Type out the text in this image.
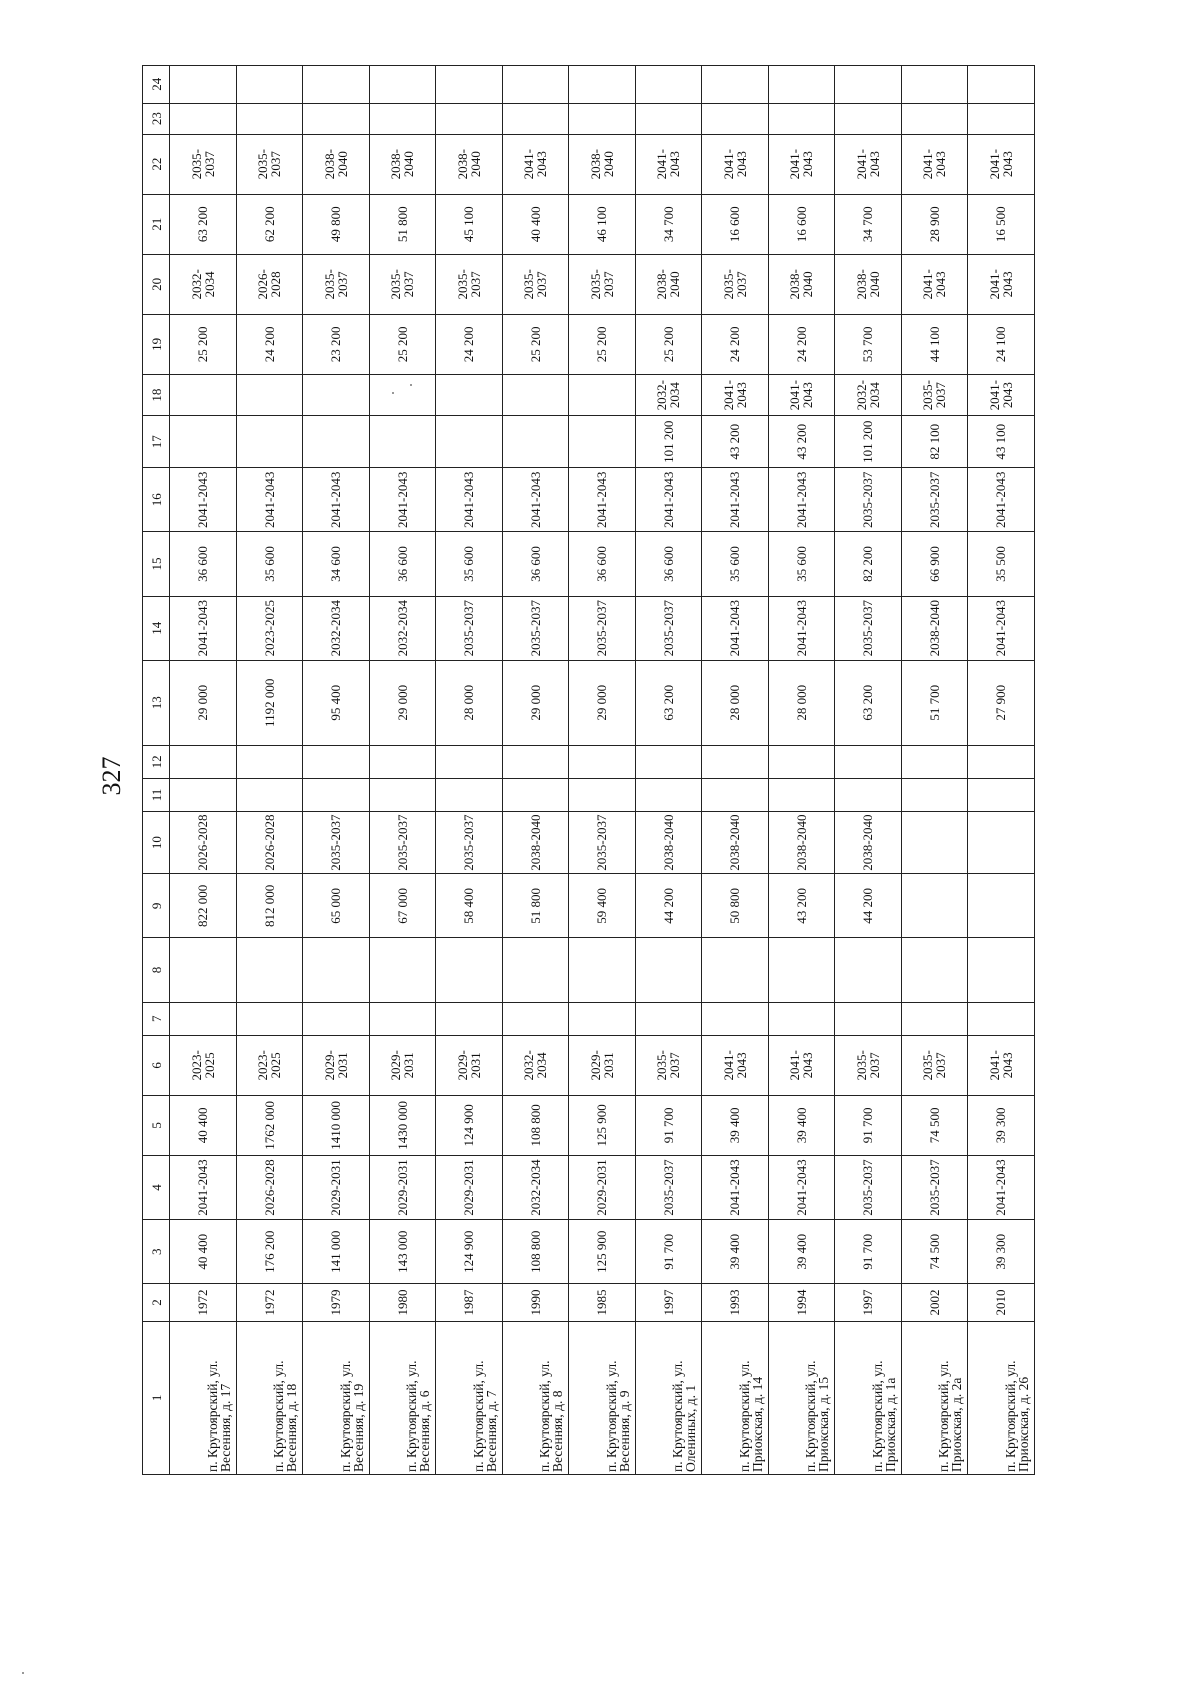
327
1	2	3	4	5	6	7	8	9	10	11	12	13	14	15	16	17	18	19	20	21	22	23	24
п. Крутоярский, ул. Весенняя, д. 17	1972	40 400	2041-2043	40 400	2023-2025			822 000	2026-2028			29 000	2041-2043	36 600	2041-2043			25 200	2032-2034	63 200	2035-2037		
п. Крутоярский, ул. Весенняя, д. 18	1972	176 200	2026-2028	1762 000	2023-2025			812 000	2026-2028			1192 000	2023-2025	35 600	2041-2043			24 200	2026-2028	62 200	2035-2037		
п. Крутоярский, ул. Весенняя, д. 19	1979	141 000	2029-2031	1410 000	2029-2031			65 000	2035-2037			95 400	2032-2034	34 600	2041-2043			23 200	2035-2037	49 800	2038-2040		
п. Крутоярский, ул. Весенняя, д. 6	1980	143 000	2029-2031	1430 000	2029-2031			67 000	2035-2037			29 000	2032-2034	36 600	2041-2043			25 200	2035-2037	51 800	2038-2040		
п. Крутоярский, ул. Весенняя, д. 7	1987	124 900	2029-2031	124 900	2029-2031			58 400	2035-2037			28 000	2035-2037	35 600	2041-2043			24 200	2035-2037	45 100	2038-2040		
п. Крутоярский, ул. Весенняя, д. 8	1990	108 800	2032-2034	108 800	2032-2034			51 800	2038-2040			29 000	2035-2037	36 600	2041-2043			25 200	2035-2037	40 400	2041-2043		
п. Крутоярский, ул. Весенняя, д. 9	1985	125 900	2029-2031	125 900	2029-2031			59 400	2035-2037			29 000	2035-2037	36 600	2041-2043			25 200	2035-2037	46 100	2038-2040		
п. Крутоярский, ул. Олениных, д. 1	1997	91 700	2035-2037	91 700	2035-2037			44 200	2038-2040			63 200	2035-2037	36 600	2041-2043	101 200	2032-2034	25 200	2038-2040	34 700	2041-2043		
п. Крутоярский, ул. Приокская, д. 14	1993	39 400	2041-2043	39 400	2041-2043			50 800	2038-2040			28 000	2041-2043	35 600	2041-2043	43 200	2041-2043	24 200	2035-2037	16 600	2041-2043		
п. Крутоярский, ул. Приокская, д. 15	1994	39 400	2041-2043	39 400	2041-2043			43 200	2038-2040			28 000	2041-2043	35 600	2041-2043	43 200	2041-2043	24 200	2038-2040	16 600	2041-2043		
п. Крутоярский, ул. Приокская, д. 1а	1997	91 700	2035-2037	91 700	2035-2037			44 200	2038-2040			63 200	2035-2037	82 200	2035-2037	101 200	2032-2034	53 700	2038-2040	34 700	2041-2043		
п. Крутоярский, ул. Приокская, д. 2а	2002	74 500	2035-2037	74 500	2035-2037							51 700	2038-2040	66 900	2035-2037	82 100	2035-2037	44 100	2041-2043	28 900	2041-2043		
п. Крутоярский, ул. Приокская, д. 26	2010	39 300	2041-2043	39 300	2041-2043							27 900	2041-2043	35 500	2041-2043	43 100	2041-2043	24 100	2041-2043	16 500	2041-2043		
